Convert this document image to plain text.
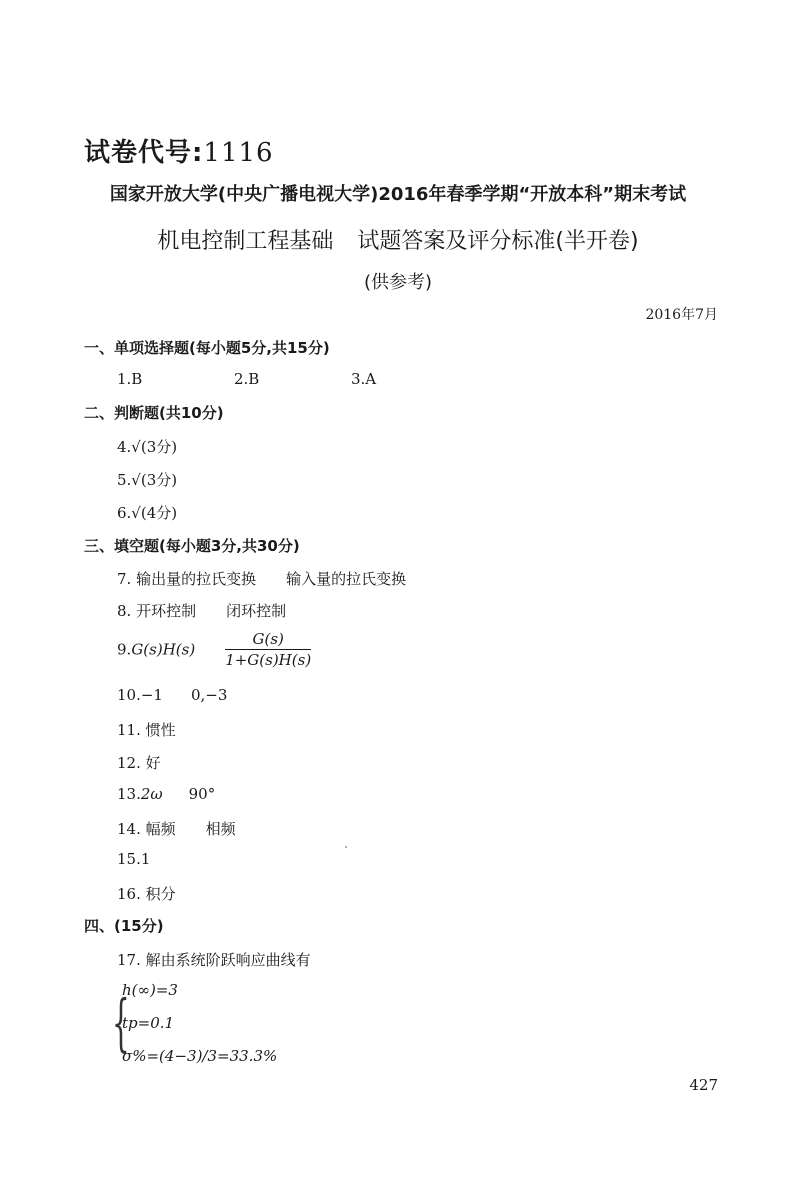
试卷代号:1116
国家开放大学(中央广播电视大学)2016年春季学期“开放本科”期末考试
机电控制工程基础 试题答案及评分标准(半开卷)
(供参考)
2016年7月
一、单项选择题(每小题5分,共15分)
1.B	2.B	3.A
二、判断题(共10分)
4.√(3分)
5.√(3分)
6.√(4分)
三、填空题(每小题3分,共30分)
7. 输出量的拉氏变换 输入量的拉氏变换
8. 开环控制 闭环控制
$9.G(s)H(s) \frac{G(s)}{1+G(s)H(s)}$
10.−1 0,−3
11. 惯性
12. 好
13.2ω 90°
14. 幅频 相频
15.1
16. 积分
四、(15分)
17. 解由系统阶跃响应曲线有
{
h(∞)=3
tp=0.1
σ%=(4−3)/3=33.3%
427
